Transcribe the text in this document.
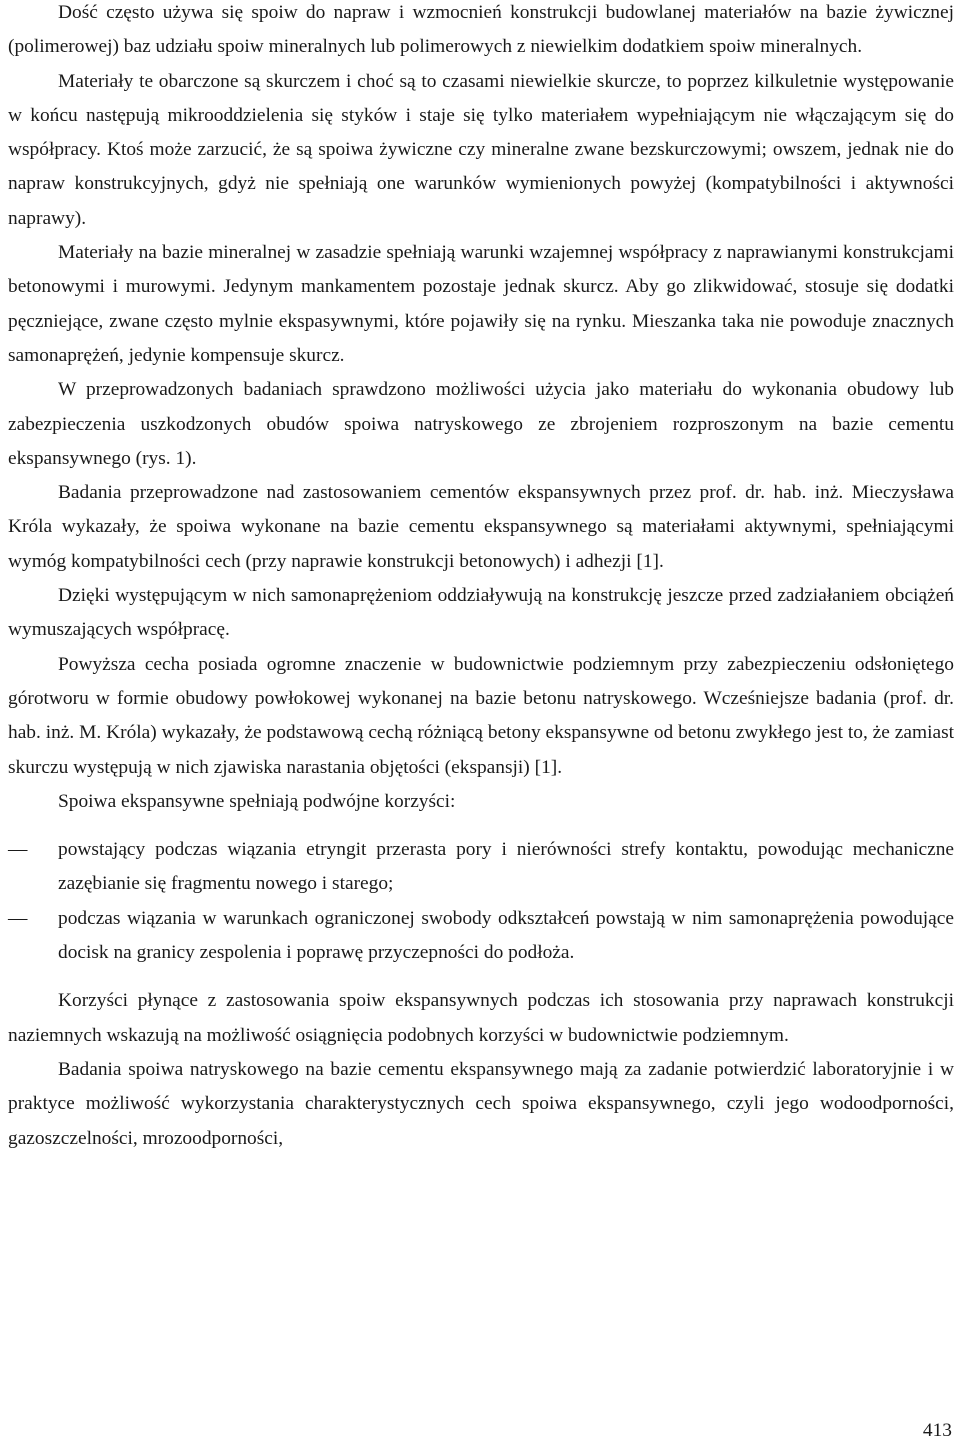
Dość często używa się spoiw do napraw i wzmocnień konstrukcji budowlanej materiałów na bazie żywicznej (polimerowej) baz udziału spoiw mineralnych lub polimerowych z niewielkim dodatkiem spoiw mineralnych.

Materiały te obarczone są skurczem i choć są to czasami niewielkie skurcze, to poprzez kilkuletnie występowanie w końcu następują mikrooddzielenia się styków i staje się tylko materiałem wypełniającym nie włączającym się do współpracy. Ktoś może zarzucić, że są spoiwa żywiczne czy mineralne zwane bezskurczowymi; owszem, jednak nie do napraw konstrukcyjnych, gdyż nie spełniają one warunków wymienionych powyżej (kompatybilności i aktywności naprawy).

Materiały na bazie mineralnej w zasadzie spełniają warunki wzajemnej współpracy z naprawianymi konstrukcjami betonowymi i murowymi. Jedynym mankamentem pozostaje jednak skurcz. Aby go zlikwidować, stosuje się dodatki pęczniejące, zwane często mylnie ekspasywnymi, które pojawiły się na rynku. Mieszanka taka nie powoduje znacznych samonaprężeń, jedynie kompensuje skurcz.

W przeprowadzonych badaniach sprawdzono możliwości użycia jako materiału do wykonania obudowy lub zabezpieczenia uszkodzonych obudów spoiwa natryskowego ze zbrojeniem rozproszonym na bazie cementu ekspansywnego (rys. 1).

Badania przeprowadzone nad zastosowaniem cementów ekspansywnych przez prof. dr. hab. inż. Mieczysława Króla wykazały, że spoiwa wykonane na bazie cementu ekspansywnego są materiałami aktywnymi, spełniającymi wymóg kompatybilności cech (przy naprawie konstrukcji betonowych) i adhezji [1].

Dzięki występującym w nich samonaprężeniom oddziaływują na konstrukcję jeszcze przed zadziałaniem obciążeń wymuszających współpracę.

Powyższa cecha posiada ogromne znaczenie w budownictwie podziemnym przy zabezpieczeniu odsłoniętego górotworu w formie obudowy powłokowej wykonanej na bazie betonu natryskowego. Wcześniejsze badania (prof. dr. hab. inż. M. Króla) wykazały, że podstawową cechą różniącą betony ekspansywne od betonu zwykłego jest to, że zamiast skurczu występują w nich zjawiska narastania objętości (ekspansji) [1].

Spoiwa ekspansywne spełniają podwójne korzyści:

—	powstający podczas wiązania etryngit przerasta pory i nierówności strefy kontaktu, powodując mechaniczne zazębianie się fragmentu nowego i starego;
—	podczas wiązania w warunkach ograniczonej swobody odkształceń powstają w nim samonaprężenia powodujące docisk na granicy zespolenia i poprawę przyczepności do podłoża.

Korzyści płynące z zastosowania spoiw ekspansywnych podczas ich stosowania przy naprawach konstrukcji naziemnych wskazują na możliwość osiągnięcia podobnych korzyści w budownictwie podziemnym.

Badania spoiwa natryskowego na bazie cementu ekspansywnego mają za zadanie potwierdzić laboratoryjnie i w praktyce możliwość wykorzystania charakterystycznych cech spoiwa ekspansywnego, czyli jego wodoodporności, gazoszczelności, mrozoodporności,

413
